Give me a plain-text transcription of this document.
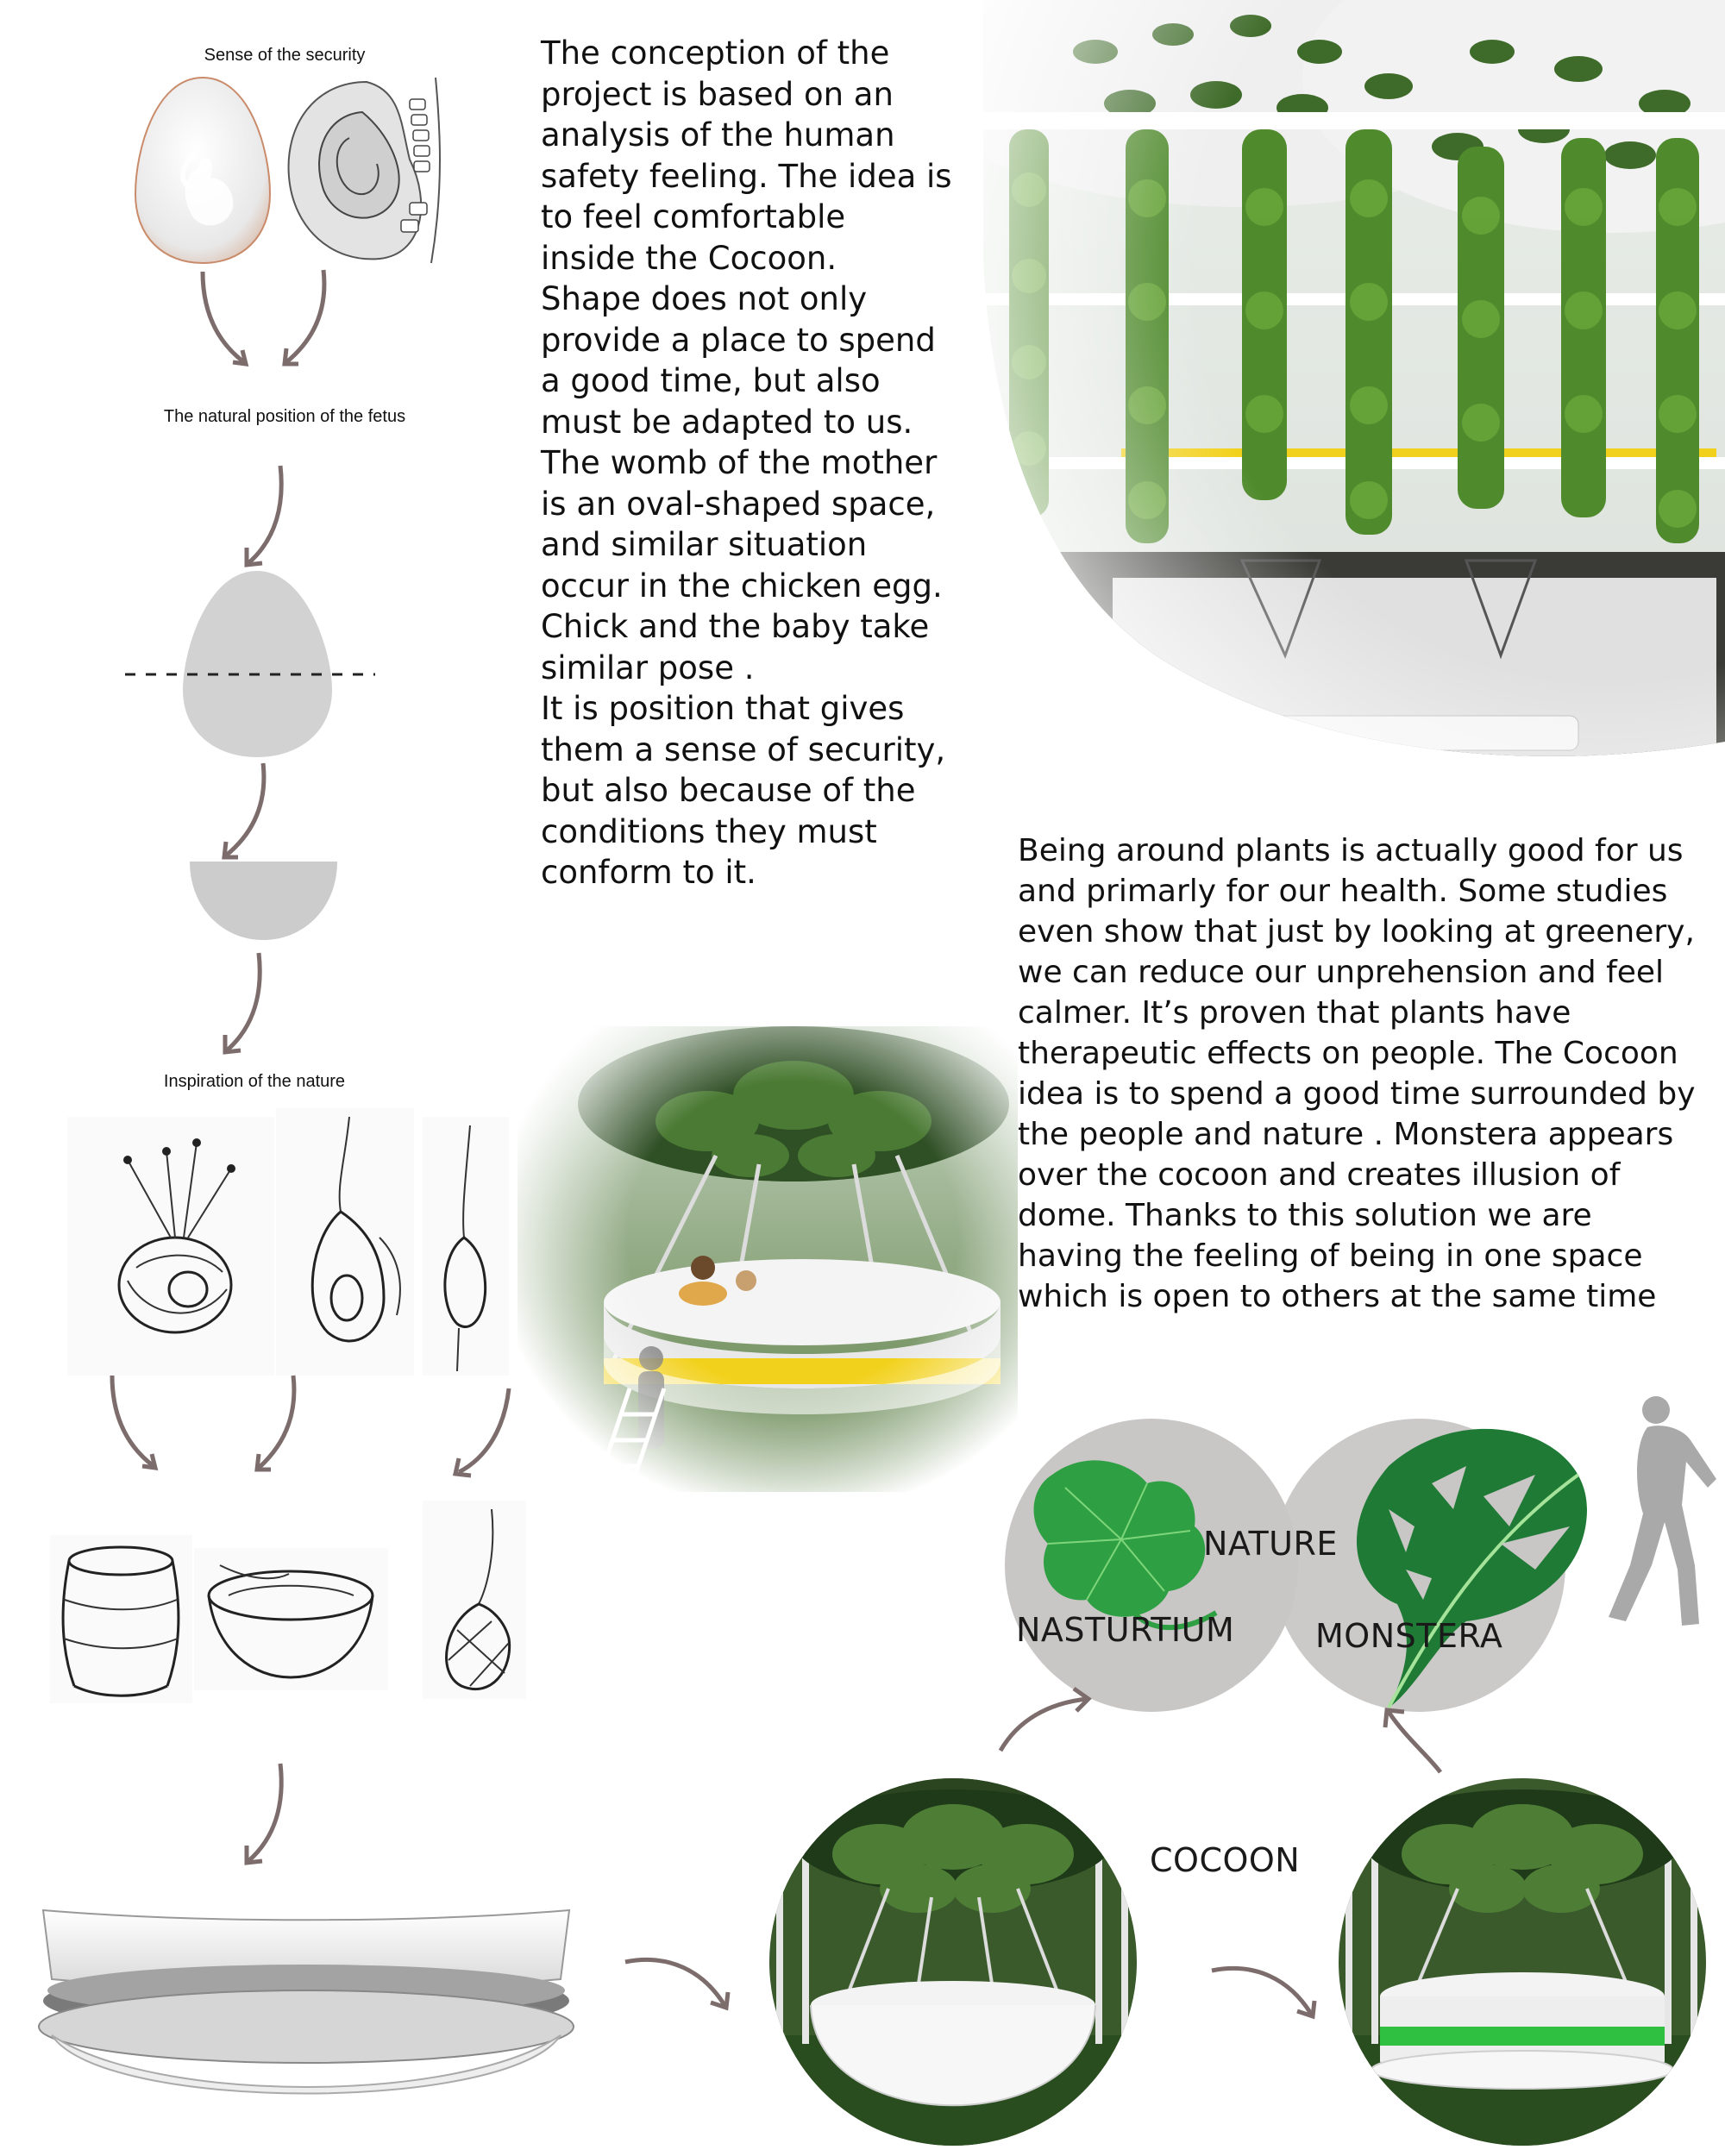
Sense of the security
The natural position of the fetus
Inspiration of the nature

The conception of the

project is based on an

analysis of the human

safety feeling. The idea is

to feel comfortable

inside the Cocoon.

Shape does not only

provide a place to spend

a good time, but also

must be adapted to us.

The womb of the mother

is an oval-shaped space,

and similar situation

occur in the chicken egg.

Chick and the baby take

similar pose .

It is position that gives

them a sense of security,

but also because of the

conditions they must

conform to it.

Being around plants is actually good for us

and primarly for our health. Some studies

even show that just by looking at greenery,

we can reduce our unprehension and feel

calmer. It’s proven that plants have

therapeutic effects on people. The Cocoon

idea is to spend a good time surrounded by

the people and nature . Monstera appears

over the cocoon and creates illusion of

dome. Thanks to this solution we are

having the feeling of being in one space

which is open to others at the same time

NATURE
NASTURTIUM MONSTERA
COCOON
